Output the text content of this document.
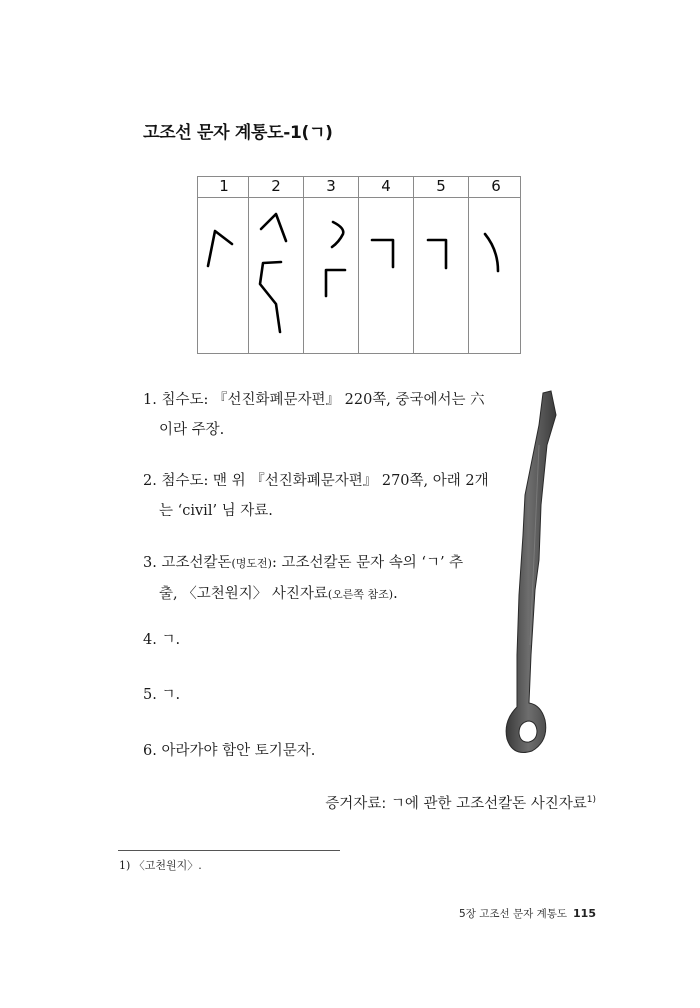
고조선 문자 계통도-1(ㄱ)
1	2	3	4	5	6
1. 침수도: 『선진화폐문자편』 220쪽, 중국에서는 六
이라 주장.
2. 첨수도: 맨 위 『선진화폐문자편』 270쪽, 아래 2개
는 ‘civil’ 님 자료.
3. 고조선칼돈(명도전): 고조선칼돈 문자 속의 ‘ㄱ’ 추
출, 〈고천원지〉 사진자료(오른쪽 참조).
4. ㄱ.
5. ㄱ.
6. 아라가야 함안 토기문자.
증거자료: ㄱ에 관한 고조선칼돈 사진자료$^{1)}$
1) 〈고천원지〉.
5장 고조선 문자 계통도 115
